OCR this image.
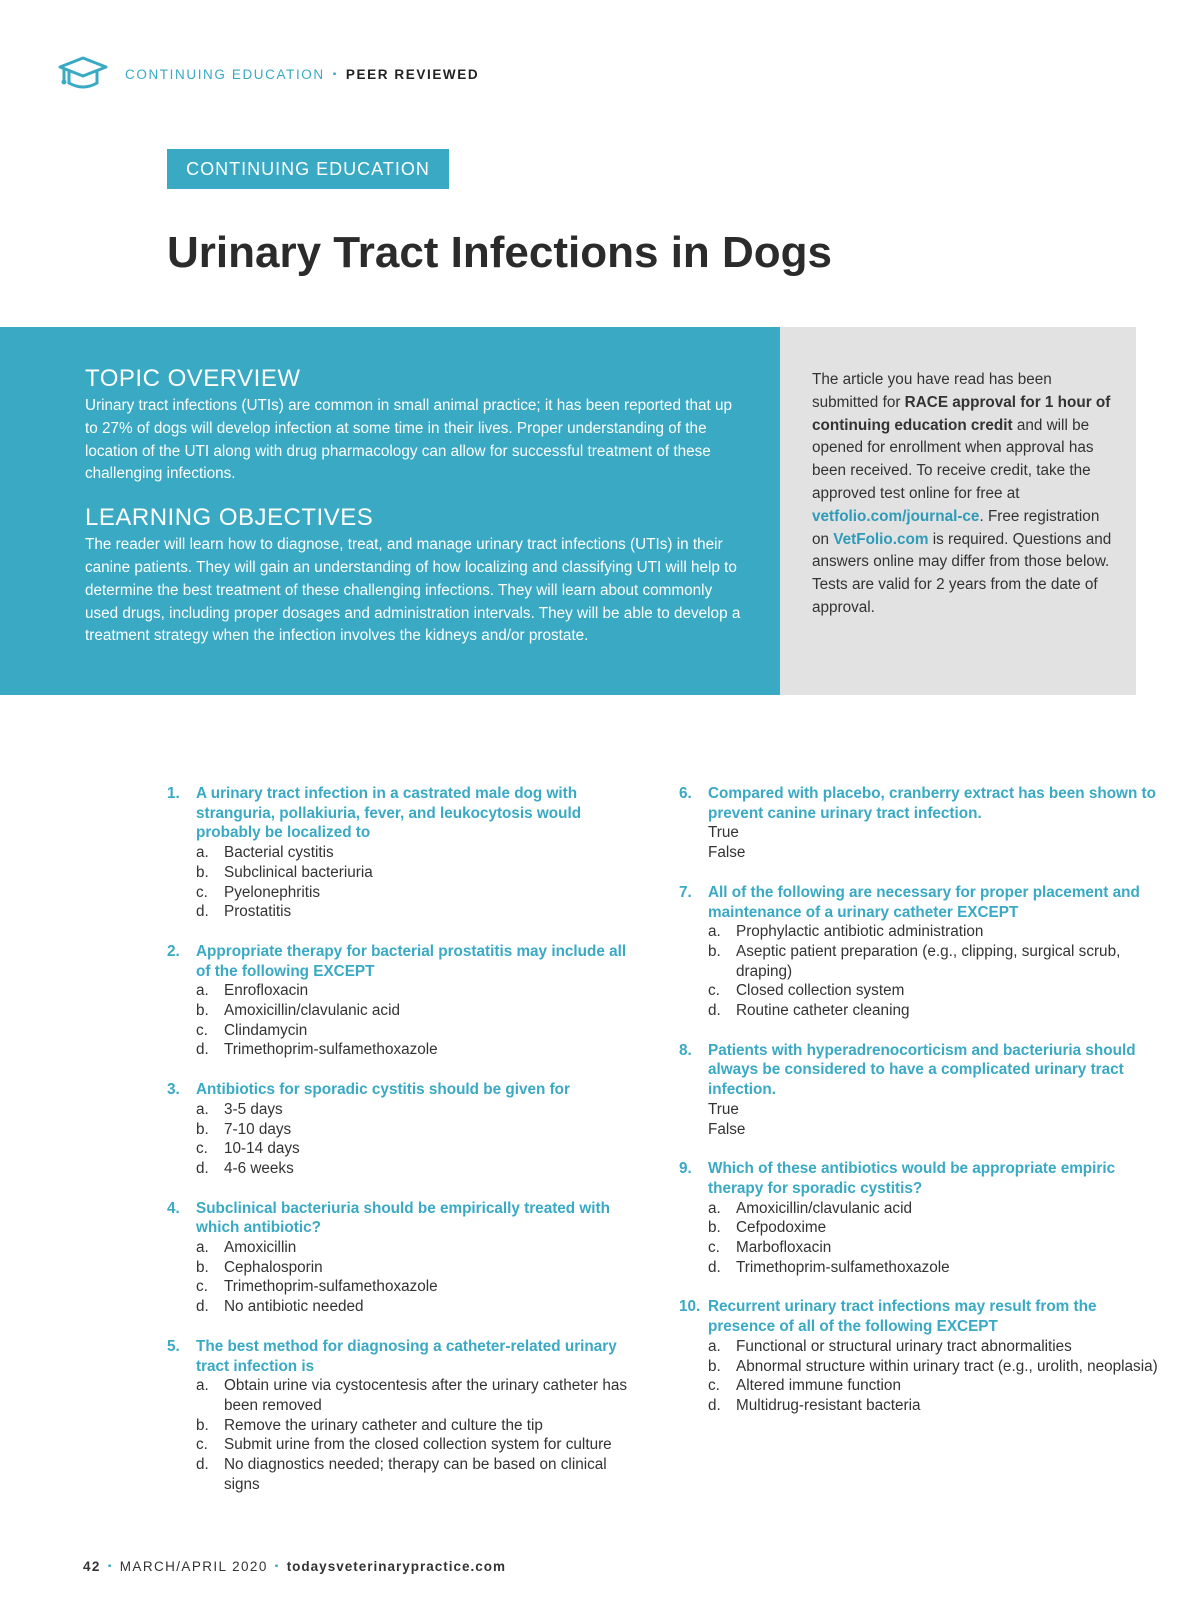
CONTINUING EDUCATION ▪ PEER REVIEWED
CONTINUING EDUCATION
Urinary Tract Infections in Dogs
TOPIC OVERVIEW

Urinary tract infections (UTIs) are common in small animal practice; it has been reported that up to 27% of dogs will develop infection at some time in their lives. Proper understanding of the location of the UTI along with drug pharmacology can allow for successful treatment of these challenging infections.

LEARNING OBJECTIVES

The reader will learn how to diagnose, treat, and manage urinary tract infections (UTIs) in their canine patients. They will gain an understanding of how localizing and classifying UTI will help to determine the best treatment of these challenging infections. They will learn about commonly used drugs, including proper dosages and administration intervals. They will be able to develop a treatment strategy when the infection involves the kidneys and/or prostate.

The article you have read has been submitted for RACE approval for 1 hour of continuing education credit and will be opened for enrollment when approval has been received. To receive credit, take the approved test online for free at vetfolio.com/journal-ce. Free registration on VetFolio.com is required. Questions and answers online may differ from those below. Tests are valid for 2 years from the date of approval.
1.	A urinary tract infection in a castrated male dog with stranguria, pollakiuria, fever, and leukocytosis would probably be localized to
a. Bacterial cystitis
b. Subclinical bacteriuria
c.	Pyelonephritis
d. Prostatitis
2.	Appropriate therapy for bacterial prostatitis may include all of the following EXCEPT
a. Enrofloxacin
b. Amoxicillin/clavulanic acid
c.	Clindamycin
d. Trimethoprim-sulfamethoxazole
3.	Antibiotics for sporadic cystitis should be given for
a. 3-5 days
b. 7-10 days
c.	10-14 days
d. 4-6 weeks
4.	Subclinical bacteriuria should be empirically treated with which antibiotic?
a. Amoxicillin
b. Cephalosporin
c.	Trimethoprim-sulfamethoxazole
d. No antibiotic needed
5.	The best method for diagnosing a catheter-related urinary tract infection is
a. Obtain urine via cystocentesis after the urinary catheter has been removed
b. Remove the urinary catheter and culture the tip
c.	Submit urine from the closed collection system for culture
d. No diagnostics needed; therapy can be based on clinical signs
6.	Compared with placebo, cranberry extract has been shown to prevent canine urinary tract infection.
True
False
7.	All of the following are necessary for proper placement and maintenance of a urinary catheter EXCEPT
a. Prophylactic antibiotic administration
b. Aseptic patient preparation (e.g., clipping, surgical scrub, draping)
c.	Closed collection system
d. Routine catheter cleaning
8.	Patients with hyperadrenocorticism and bacteriuria should always be considered to have a complicated urinary tract infection.
True
False
9.	Which of these antibiotics would be appropriate empiric therapy for sporadic cystitis?
a. Amoxicillin/clavulanic acid
b. Cefpodoxime
c.	Marbofloxacin
d. Trimethoprim-sulfamethoxazole
10. Recurrent urinary tract infections may result from the presence of all of the following EXCEPT
a. Functional or structural urinary tract abnormalities
b. Abnormal structure within urinary tract (e.g., urolith, neoplasia)
c.	Altered immune function
d. Multidrug-resistant bacteria
42 ▪ MARCH/APRIL 2020 ▪ todaysveterinarypractice.com
